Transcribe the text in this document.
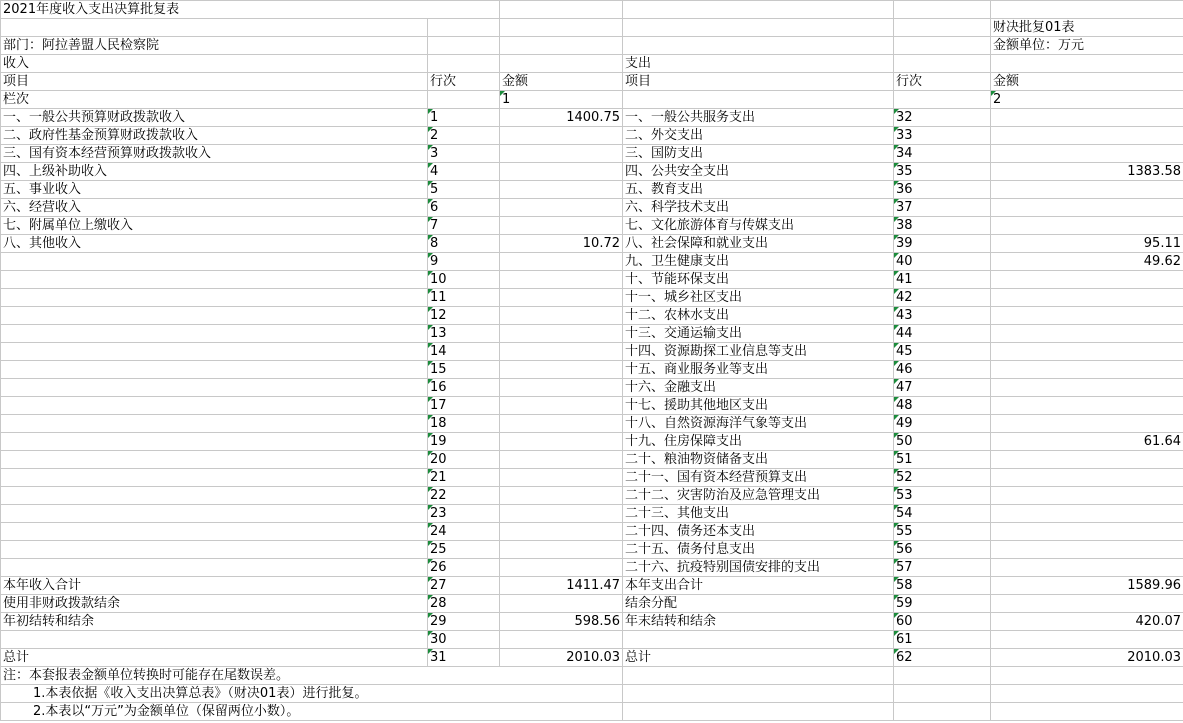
2021年度收入支出决算批复表					
					财决批复01表
部门：阿拉善盟人民检察院					金额单位：万元
收入			支出		
项目	行次	金额	项目	行次	金额
栏次		1			2
一、一般公共预算财政拨款收入	1	1400.75	一、一般公共服务支出	32	
二、政府性基金预算财政拨款收入	2		二、外交支出	33	
三、国有资本经营预算财政拨款收入	3		三、国防支出	34	
四、上级补助收入	4		四、公共安全支出	35	1383.58
五、事业收入	5		五、教育支出	36	
六、经营收入	6		六、科学技术支出	37	
七、附属单位上缴收入	7		七、文化旅游体育与传媒支出	38	
八、其他收入	8	10.72	八、社会保障和就业支出	39	95.11
	9		九、卫生健康支出	40	49.62
	10		十、节能环保支出	41	
	11		十一、城乡社区支出	42	
	12		十二、农林水支出	43	
	13		十三、交通运输支出	44	
	14		十四、资源勘探工业信息等支出	45	
	15		十五、商业服务业等支出	46	
	16		十六、金融支出	47	
	17		十七、援助其他地区支出	48	
	18		十八、自然资源海洋气象等支出	49	
	19		十九、住房保障支出	50	61.64
	20		二十、粮油物资储备支出	51	
	21		二十一、国有资本经营预算支出	52	
	22		二十二、灾害防治及应急管理支出	53	
	23		二十三、其他支出	54	
	24		二十四、债务还本支出	55	
	25		二十五、债务付息支出	56	
	26		二十六、抗疫特别国债安排的支出	57	
本年收入合计	27	1411.47	本年支出合计	58	1589.96
使用非财政拨款结余	28		结余分配	59	
年初结转和结余	29	598.56	年末结转和结余	60	420.07
	30			61	
总计	31	2010.03	总计	62	2010.03
注：本套报表金额单位转换时可能存在尾数误差。					
1.本表依据《收入支出决算总表》（财决01表）进行批复。					
2.本表以“万元”为金额单位（保留两位小数）。					
